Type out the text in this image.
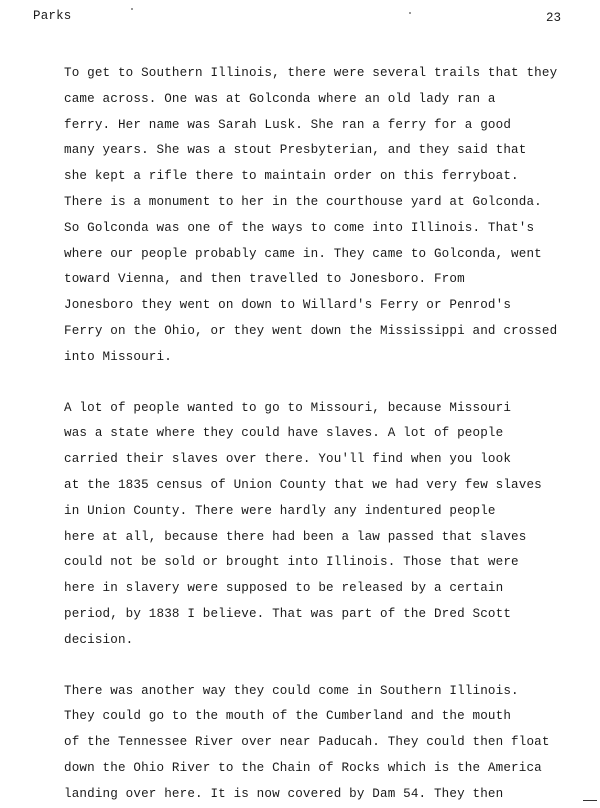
Parks	23
To get to Southern Illinois, there were several trails that they
came across. One was at Golconda where an old lady ran a
ferry. Her name was Sarah Lusk. She ran a ferry for a good
many years. She was a stout Presbyterian, and they said that
she kept a rifle there to maintain order on this ferryboat.
There is a monument to her in the courthouse yard at Golconda.
So Golconda was one of the ways to come into Illinois. That's
where our people probably came in. They came to Golconda, went
toward Vienna, and then travelled to Jonesboro. From
Jonesboro they went on down to Willard's Ferry or Penrod's
Ferry on the Ohio, or they went down the Mississippi and crossed
into Missouri.
A lot of people wanted to go to Missouri, because Missouri
was a state where they could have slaves. A lot of people
carried their slaves over there. You'll find when you look
at the 1835 census of Union County that we had very few slaves
in Union County. There were hardly any indentured people
here at all, because there had been a law passed that slaves
could not be sold or brought into Illinois. Those that were
here in slavery were supposed to be released by a certain
period, by 1838 I believe. That was part of the Dred Scott
decision.
There was another way they could come in Southern Illinois.
They could go to the mouth of the Cumberland and the mouth
of the Tennessee River over near Paducah. They could then float
down the Ohio River to the Chain of Rocks which is the America
landing over here. It is now covered by Dam 54. They then
